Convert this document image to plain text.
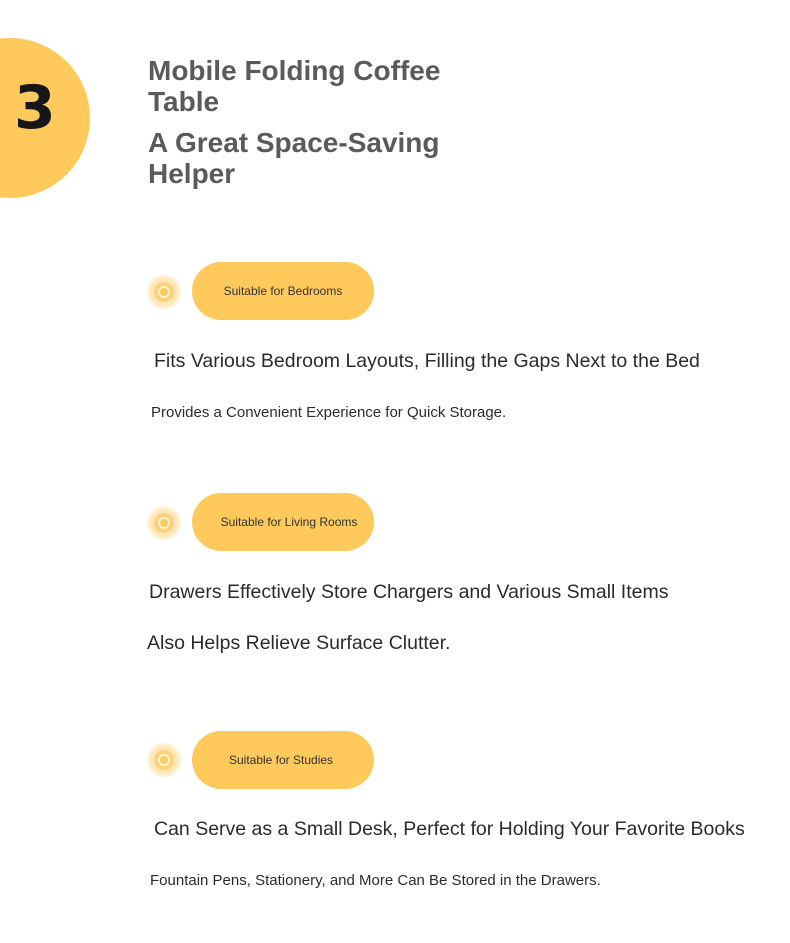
3
Mobile Folding Coffee Table
A Great Space-Saving Helper
Suitable for Bedrooms

Fits Various Bedroom Layouts, Filling the Gaps Next to the Bed

Provides a Convenient Experience for Quick Storage.

Suitable for Living Rooms

Drawers Effectively Store Chargers and Various Small Items

Also Helps Relieve Surface Clutter.

Suitable for Studies

Can Serve as a Small Desk, Perfect for Holding Your Favorite Books

Fountain Pens, Stationery, and More Can Be Stored in the Drawers.
